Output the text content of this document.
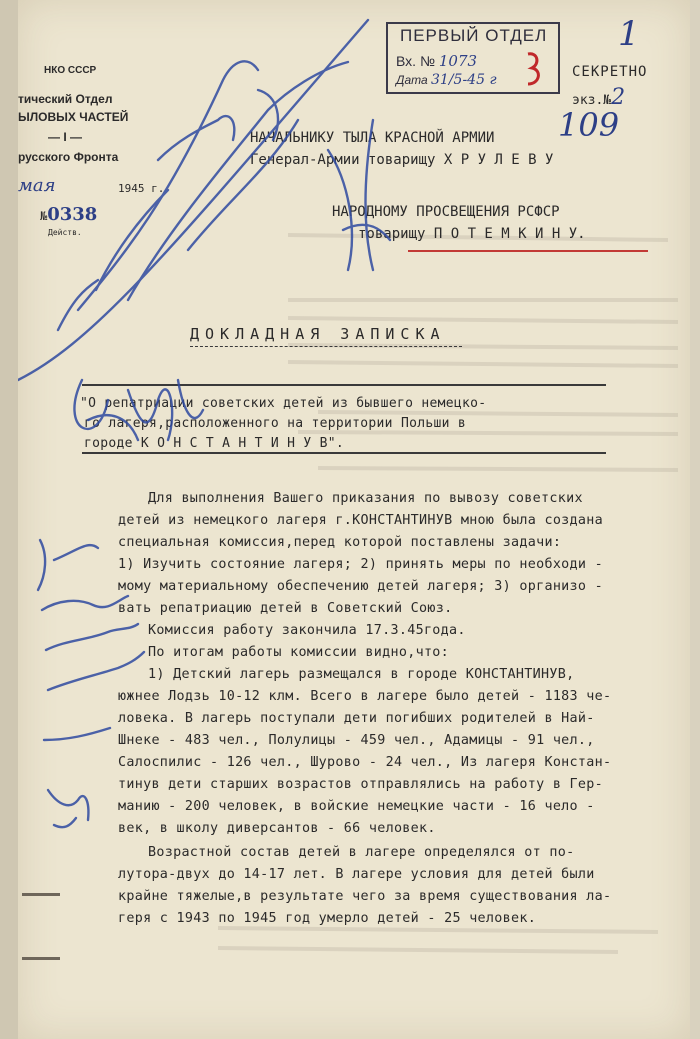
1
СЕКРЕТНО
экз.№2
109
ПЕРВЫЙ ОТДЕЛ
Вх. № 1073
Дата 31/5-45 г
НКО СССР
тический Отдел
ЫЛОВЫХ ЧАСТЕЙ
— I —
русского Фронта
мая	1945 г.
№0338
Действ.
НАЧАЛЬНИКУ ТЫЛА КРАСНОЙ АРМИИ
Генерал-Армии товарищу Х Р У Л Е В У
НАРОДНОМУ ПРОСВЕЩЕНИЯ РСФСР
товарищу П О Т Е М К И Н У.
ДОКЛАДНАЯ ЗАПИСКА
"О репатриации советских детей из бывшего немецко-
го лагеря,расположенного на территории Польши в
городе К О Н С Т А Н Т И Н У В".
Для выполнения Вашего приказания по вывозу советских
детей из немецкого лагеря г.КОНСТАНТИНУВ мною была создана
специальная комиссия,перед которой поставлены задачи:
1) Изучить состояние лагеря; 2) принять меры по необходи -
мому материальному обеспечению детей лагеря; 3) организо -
вать репатриацию детей в Советский Союз.
Комиссия работу закончила 17.3.45года.
По итогам работы комиссии видно,что:
1) Детский лагерь размещался в городе КОНСТАНТИНУВ,
южнее Лодзь 10-12 клм. Всего в лагере было детей - 1183 че-
ловека. В лагерь поступали дети погибших родителей в Най-
Шнеке - 483 чел., Полулицы - 459 чел., Адамицы - 91 чел.,
Салоспилис - 126 чел., Шурово - 24 чел., Из лагеря Констан-
тинув дети старших возрастов отправлялись на работу в Гер-
манию - 200 человек, в войские немецкие части - 16 чело -
век, в школу диверсантов - 66 человек.
Возрастной состав детей в лагере определялся от по-
лутора-двух до 14-17 лет. В лагере условия для детей были
крайне тяжелые,в результате чего за время существования ла-
геря с 1943 по 1945 год умерло детей - 25 человек.
